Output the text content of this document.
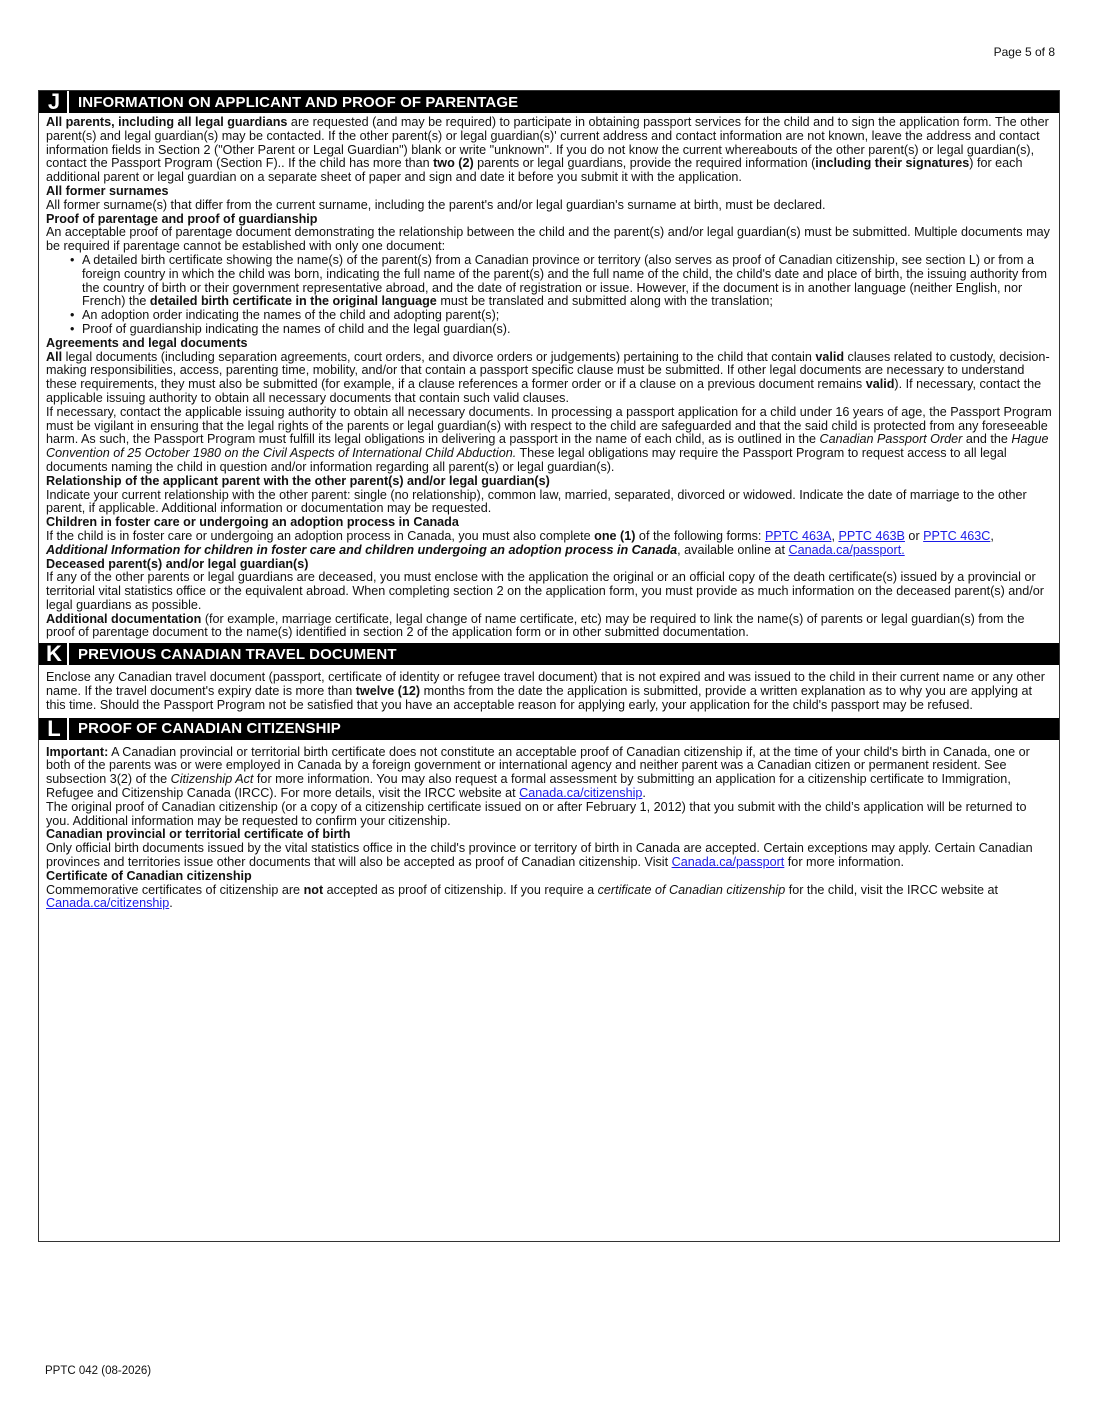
Page 5 of 8
J	INFORMATION ON APPLICANT AND PROOF OF PARENTAGE

All parents, including all legal guardians are requested (and may be required) to participate in obtaining passport services for the child and to sign the application form. The other parent(s) and legal guardian(s) may be contacted. If the other parent(s) or legal guardian(s)' current address and contact information are not known, leave the address and contact information fields in Section 2 ("Other Parent or Legal Guardian") blank or write "unknown". If you do not know the current whereabouts of the other parent(s) or legal guardian(s), contact the Passport Program (Section F).. If the child has more than two (2) parents or legal guardians, provide the required information (including their signatures) for each additional parent or legal guardian on a separate sheet of paper and sign and date it before you submit it with the application.

All former surnames

All former surname(s) that differ from the current surname, including the parent's and/or legal guardian's surname at birth, must be declared.

Proof of parentage and proof of guardianship

An acceptable proof of parentage document demonstrating the relationship between the child and the parent(s) and/or legal guardian(s) must be submitted. Multiple documents may be required if parentage cannot be established with only one document:

• A detailed birth certificate showing the name(s) of the parent(s) from a Canadian province or territory (also serves as proof of Canadian citizenship, see section L) or from a foreign country in which the child was born, indicating the full name of the parent(s) and the full name of the child, the child's date and place of birth, the issuing authority from the country of birth or their government representative abroad, and the date of registration or issue. However, if the document is in another language (neither English, nor French) the detailed birth certificate in the original language must be translated and submitted along with the translation;
• An adoption order indicating the names of the child and adopting parent(s);
• Proof of guardianship indicating the names of child and the legal guardian(s).

Agreements and legal documents

All legal documents (including separation agreements, court orders, and divorce orders or judgements) pertaining to the child that contain valid clauses related to custody, decision-making responsibilities, access, parenting time, mobility, and/or that contain a passport specific clause must be submitted. If other legal documents are necessary to understand these requirements, they must also be submitted (for example, if a clause references a former order or if a clause on a previous document remains valid). If necessary, contact the applicable issuing authority to obtain all necessary documents that contain such valid clauses.

If necessary, contact the applicable issuing authority to obtain all necessary documents. In processing a passport application for a child under 16 years of age, the Passport Program must be vigilant in ensuring that the legal rights of the parents or legal guardian(s) with respect to the child are safeguarded and that the said child is protected from any foreseeable harm. As such, the Passport Program must fulfill its legal obligations in delivering a passport in the name of each child, as is outlined in the Canadian Passport Order and the Hague Convention of 25 October 1980 on the Civil Aspects of International Child Abduction. These legal obligations may require the Passport Program to request access to all legal documents naming the child in question and/or information regarding all parent(s) or legal guardian(s).

Relationship of the applicant parent with the other parent(s) and/or legal guardian(s)

Indicate your current relationship with the other parent: single (no relationship), common law, married, separated, divorced or widowed. Indicate the date of marriage to the other parent, if applicable. Additional information or documentation may be requested.

Children in foster care or undergoing an adoption process in Canada

If the child is in foster care or undergoing an adoption process in Canada, you must also complete one (1) of the following forms: PPTC 463A, PPTC 463B or PPTC 463C, Additional Information for children in foster care and children undergoing an adoption process in Canada, available online at Canada.ca/passport.

Deceased parent(s) and/or legal guardian(s)

If any of the other parents or legal guardians are deceased, you must enclose with the application the original or an official copy of the death certificate(s) issued by a provincial or territorial vital statistics office or the equivalent abroad. When completing section 2 on the application form, you must provide as much information on the deceased parent(s) and/or legal guardians as possible.

Additional documentation (for example, marriage certificate, legal change of name certificate, etc) may be required to link the name(s) of parents or legal guardian(s) from the proof of parentage document to the name(s) identified in section 2 of the application form or in other submitted documentation.

K	PREVIOUS CANADIAN TRAVEL DOCUMENT

Enclose any Canadian travel document (passport, certificate of identity or refugee travel document) that is not expired and was issued to the child in their current name or any other name. If the travel document's expiry date is more than twelve (12) months from the date the application is submitted, provide a written explanation as to why you are applying at this time. Should the Passport Program not be satisfied that you have an acceptable reason for applying early, your application for the child's passport may be refused.

L	PROOF OF CANADIAN CITIZENSHIP

Important: A Canadian provincial or territorial birth certificate does not constitute an acceptable proof of Canadian citizenship if, at the time of your child's birth in Canada, one or both of the parents was or were employed in Canada by a foreign government or international agency and neither parent was a Canadian citizen or permanent resident. See subsection 3(2) of the Citizenship Act for more information. You may also request a formal assessment by submitting an application for a citizenship certificate to Immigration, Refugee and Citizenship Canada (IRCC). For more details, visit the IRCC website at Canada.ca/citizenship.

The original proof of Canadian citizenship (or a copy of a citizenship certificate issued on or after February 1, 2012) that you submit with the child’s application will be returned to you. Additional information may be requested to confirm your citizenship.

Canadian provincial or territorial certificate of birth

Only official birth documents issued by the vital statistics office in the child's province or territory of birth in Canada are accepted. Certain exceptions may apply. Certain Canadian provinces and territories issue other documents that will also be accepted as proof of Canadian citizenship. Visit Canada.ca/passport for more information.

Certificate of Canadian citizenship

Commemorative certificates of citizenship are not accepted as proof of citizenship. If you require a certificate of Canadian citizenship for the child, visit the IRCC website at Canada.ca/citizenship.

PPTC 042 (08-2026)
